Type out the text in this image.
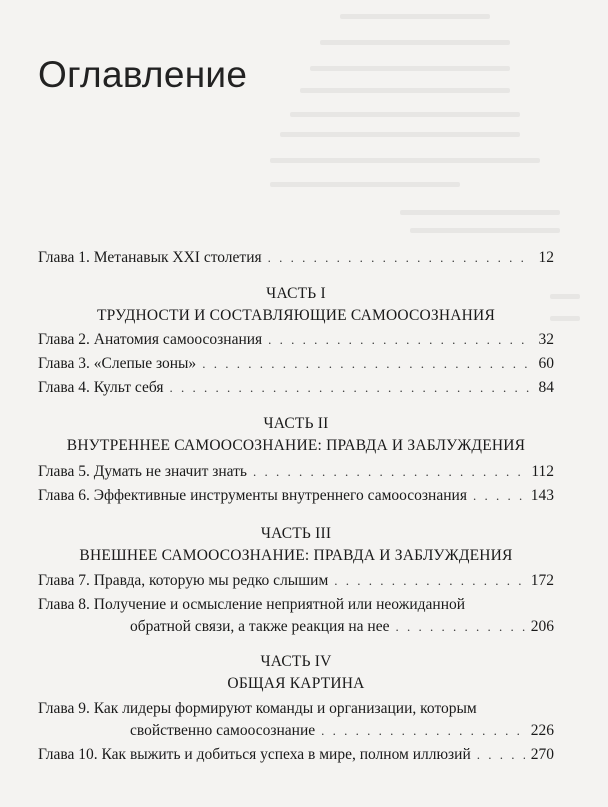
Оглавление
Глава 1. Метанавык XXI столетия . . .	12
ЧАСТЬ I
ТРУДНОСТИ И СОСТАВЛЯЮЩИЕ САМООСОЗНАНИЯ
Глава 2. Анатомия самоосознания . . .	32
Глава 3. «Слепые зоны» . . .	60
Глава 4. Культ себя . . .	84
ЧАСТЬ II
ВНУТРЕННЕЕ САМООСОЗНАНИЕ: ПРАВДА И ЗАБЛУЖДЕНИЯ
Глава 5. Думать не значит знать . . .	112
Глава 6. Эффективные инструменты внутреннего самоосознания . . .	143
ЧАСТЬ III
ВНЕШНЕЕ САМООСОЗНАНИЕ: ПРАВДА И ЗАБЛУЖДЕНИЯ
Глава 7. Правда, которую мы редко слышим . . .	172
Глава 8. Получение и осмысление неприятной или неожиданной
обратной связи, а также реакция на нее . . .	206
ЧАСТЬ IV
ОБЩАЯ КАРТИНА
Глава 9. Как лидеры формируют команды и организации, которым
свойственно самоосознание . . .	226
Глава 10. Как выжить и добиться успеха в мире, полном иллюзий . . .	270
